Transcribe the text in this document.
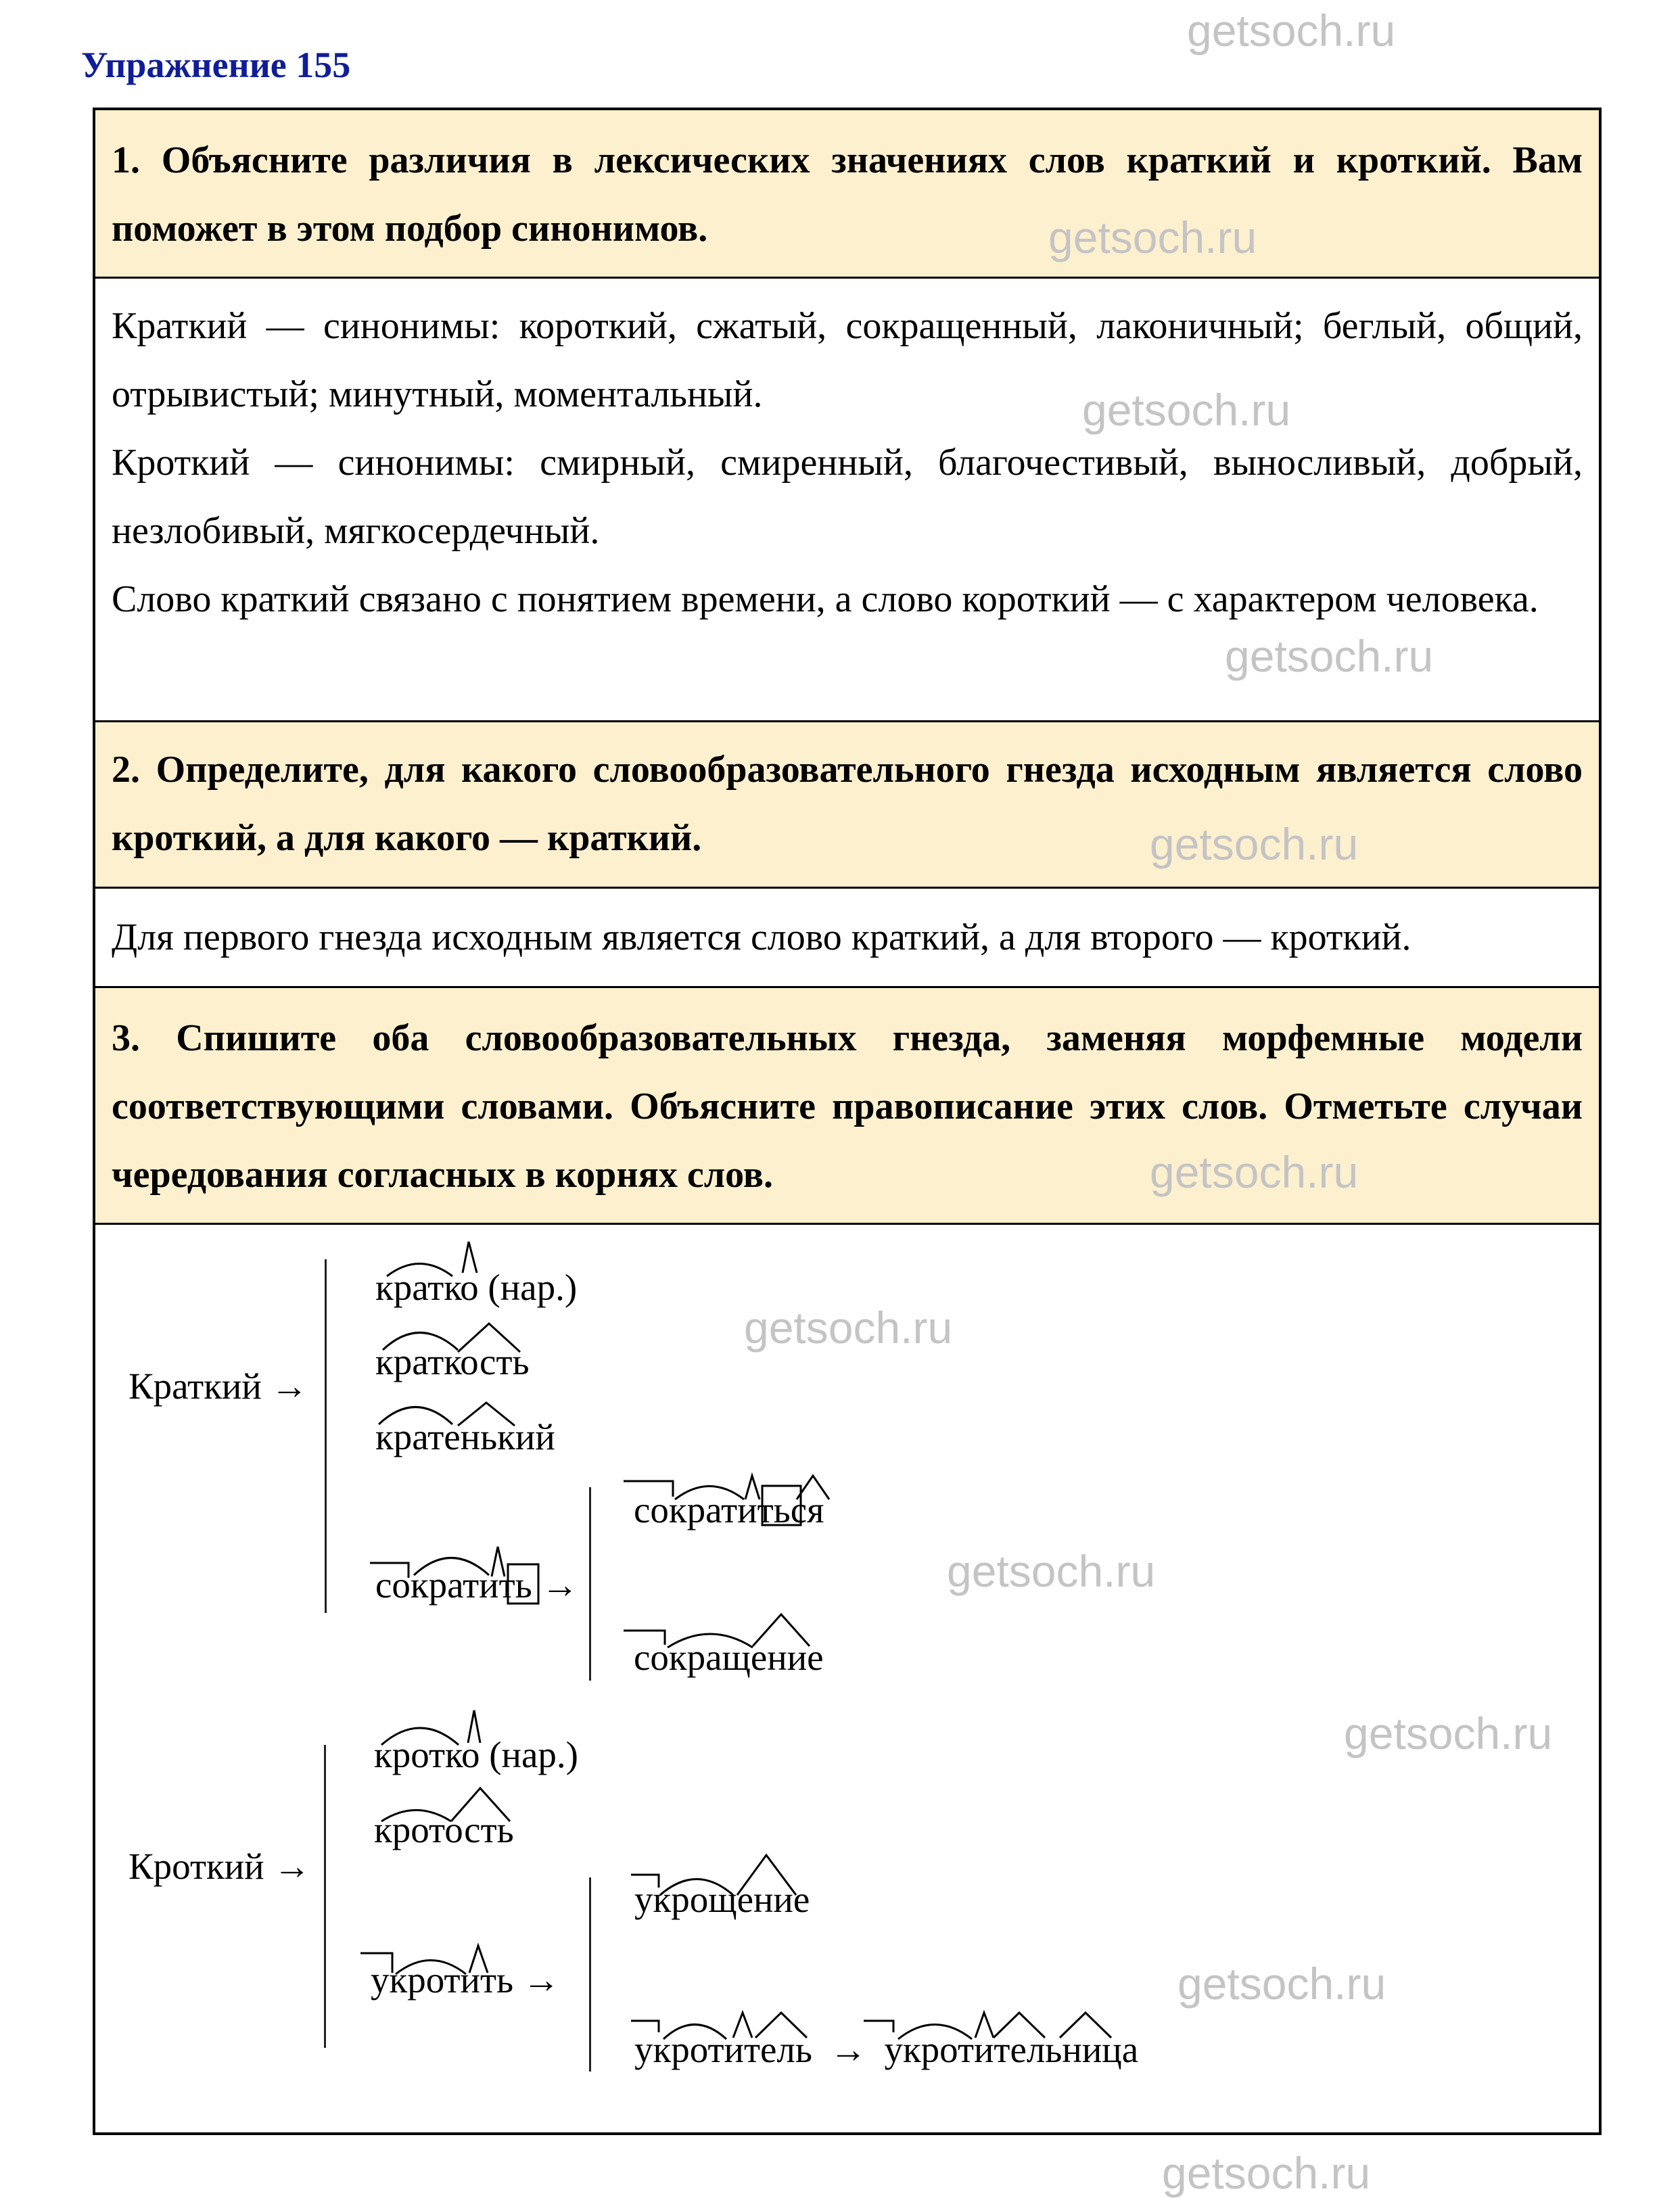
Упражнение 155

1. Объясните различия в лексических значениях слов краткий и кроткий. Вам поможет в этом подбор синонимов.

Краткий — синонимы: короткий, сжатый, сокращенный, лаконичный; беглый, общий, отрывистый; минутный, моментальный.

Кроткий — синонимы: смирный, смиренный, благочестивый, выносливый, добрый, незлобивый, мягкосердечный.

Слово краткий связано с понятием времени, а слово короткий — с характером человека.

2. Определите, для какого словообразовательного гнезда исходным является слово кроткий, а для какого — краткий.

Для первого гнезда исходным является слово краткий, а для второго — кроткий.

3. Спишите оба словообразовательных гнезда, заменяя морфемные модели соответствующими словами. Объясните правописание этих слов. Отметьте случаи чередования согласных в корнях слов.

Краткий →
кратко (нар.)
краткость
кратенький
сократить →
сократиться
сокращение
Кроткий →
кротко (нар.)
кротость
укротить →
укрощение
укротитель → укротительница
getsoch.ru
getsoch.ru
getsoch.ru
getsoch.ru
getsoch.ru
getsoch.ru
getsoch.ru
getsoch.ru
getsoch.ru
getsoch.ru
getsoch.ru
